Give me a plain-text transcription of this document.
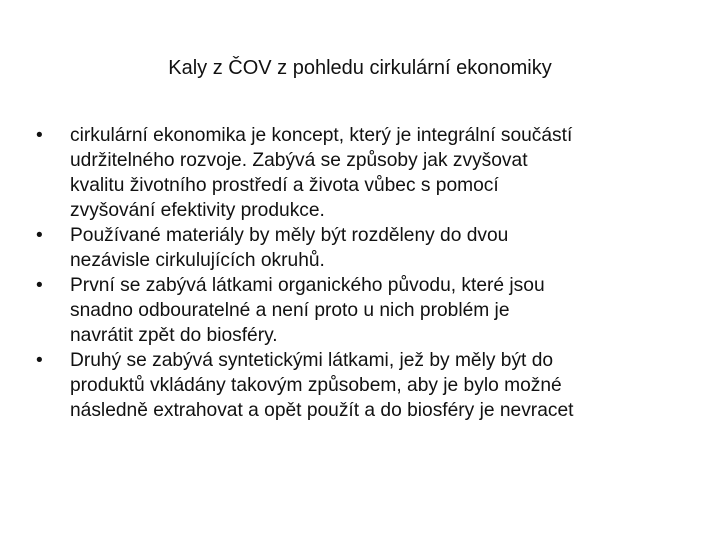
Kaly z ČOV z pohledu cirkulární ekonomiky
•	cirkulární ekonomika je koncept, který je integrální součástí
udržitelného rozvoje. Zabývá se způsoby jak zvyšovat
kvalitu životního prostředí a života vůbec s pomocí
zvyšování efektivity produkce.
•	Používané materiály by měly být rozděleny do dvou
nezávisle cirkulujících okruhů.
•	První se zabývá látkami organického původu, které jsou
snadno odbouratelné a není proto u nich problém je
navrátit zpět do biosféry.
•	Druhý se zabývá syntetickými látkami, jež by měly být do
produktů vkládány takovým způsobem, aby je bylo možné
následně extrahovat a opět použít a do biosféry je nevracet
